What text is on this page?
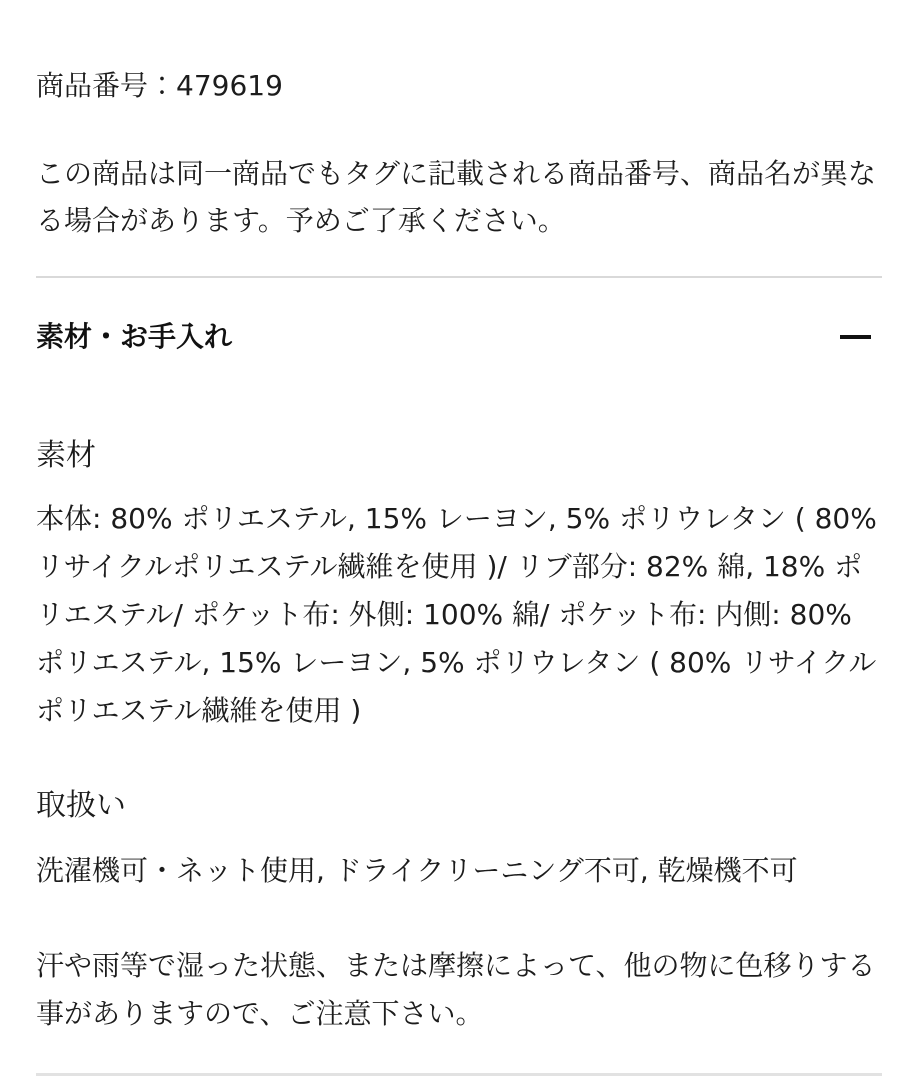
商品番号：479619

この商品は同一商品でもタグに記載される商品番号、商品名が異なる場合があります。予めご了承ください。

素材・お手入れ
素材

本体: 80% ポリエステル, 15% レーヨン, 5% ポリウレタン ( 80% リサイクルポリエステル繊維を使用 )/ リブ部分: 82% 綿, 18% ポリエステル/ ポケット布: 外側: 100% 綿/ ポケット布: 内側: 80% ポリエステル, 15% レーヨン, 5% ポリウレタン ( 80% リサイクルポリエステル繊維を使用 )

取扱い

洗濯機可・ネット使用, ドライクリーニング不可, 乾燥機不可

汗や雨等で湿った状態、または摩擦によって、他の物に色移りする事がありますので、ご注意下さい。
